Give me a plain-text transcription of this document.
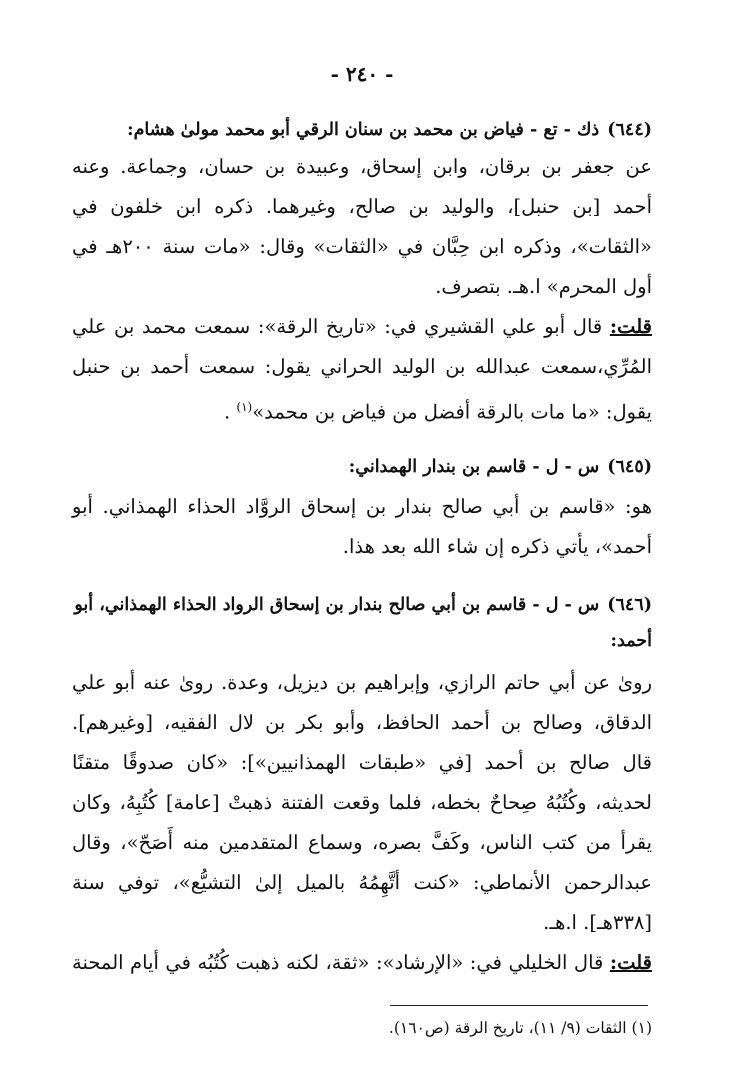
- ٢٤٠ -
(٦٤٤)ذك - تع - فياض بن محمد بن سنان الرقي أبو محمد مولىٰ هشام:
عن جعفر بن برقان، وابن إسحاق، وعبيدة بن حسان، وجماعة. وعنه
أحمد [بن حنبل]، والوليد بن صالح، وغيرهما. ذكره ابن خلفون في
«الثقات»، وذكره ابن حِبَّان في «الثقات» وقال: «مات سنة ٢٠٠هـ في
أول المحرم» ا.هـ. بتصرف.
قلت: قال أبو علي القشيري في: «تاريخ الرقة»: سمعت محمد بن علي
المُرِّي،سمعت عبدالله بن الوليد الحراني يقول: سمعت أحمد بن حنبل
يقول: «ما مات بالرقة أفضل من فياض بن محمد»$^{(١)}$ .
(٦٤٥)س - ل - قاسم بن بندار الهمداني:
هو: «قاسم بن أبي صالح بندار بن إسحاق الروَّاد الحذاء الهمذاني. أبو
أحمد»، يأتي ذكره إن شاء الله بعد هذا.
(٦٤٦)س - ل - قاسم بن أبي صالح بندار بن إسحاق الرواد الحذاء الهمذاني، أبو
أحمد:
روىٰ عن أبي حاتم الرازي، وإبراهيم بن ديزيل، وعدة. روىٰ عنه أبو علي
الدقاق، وصالح بن أحمد الحافظ، وأبو بكر بن لال الفقيه، [وغيرهم].
قال صالح بن أحمد [في «طبقات الهمذانيين»]: «كان صدوقًا متقنًا
لحديثه، وكُتُبُهُ صِحاحٌ بخطه، فلما وقعت الفتنة ذهبتْ [عامة] كُتُبِهُ، وكان
يقرأ من كتب الناس، وكَفَّ بصره، وسماع المتقدمين منه أَصَحّ»، وقال
عبدالرحمن الأنماطي: «كنت أتَّهِمُهُ بالميل إلىٰ التشيُّع»، توفي سنة
[٣٣٨هـ]. ا.هـ.
قلت: قال الخليلي في: «الإرشاد»: «ثقة، لكنه ذهبت كُتُبُه في أيام المحنة
(١) الثقات (٩/ ١١)، تاريخ الرقة (ص١٦٠).
